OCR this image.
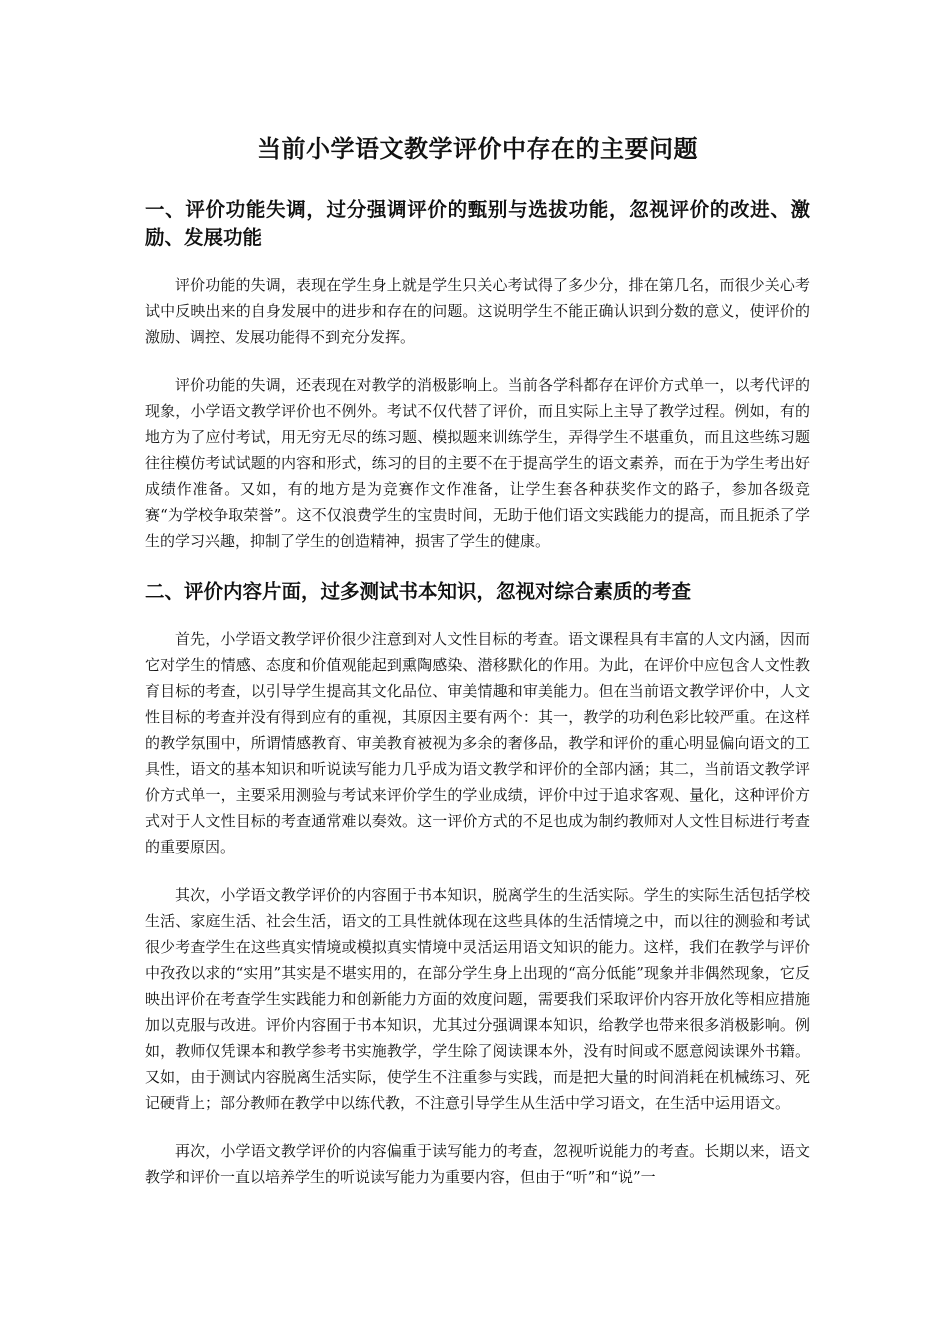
当前小学语文教学评价中存在的主要问题
一、评价功能失调，过分强调评价的甄别与选拔功能，忽视评价的改进、激励、发展功能

评价功能的失调，表现在学生身上就是学生只关心考试得了多少分，排在第几名，而很少关心考试中反映出来的自身发展中的进步和存在的问题。这说明学生不能正确认识到分数的意义，使评价的激励、调控、发展功能得不到充分发挥。

评价功能的失调，还表现在对教学的消极影响上。当前各学科都存在评价方式单一，以考代评的现象，小学语文教学评价也不例外。考试不仅代替了评价，而且实际上主导了教学过程。例如，有的地方为了应付考试，用无穷无尽的练习题、模拟题来训练学生，弄得学生不堪重负，而且这些练习题往往模仿考试试题的内容和形式，练习的目的主要不在于提高学生的语文素养，而在于为学生考出好成绩作准备。又如，有的地方是为竞赛作文作准备，让学生套各种获奖作文的路子，参加各级竞赛“为学校争取荣誉”。这不仅浪费学生的宝贵时间，无助于他们语文实践能力的提高，而且扼杀了学生的学习兴趣，抑制了学生的创造精神，损害了学生的健康。

二、评价内容片面，过多测试书本知识，忽视对综合素质的考查

首先，小学语文教学评价很少注意到对人文性目标的考查。语文课程具有丰富的人文内涵，因而它对学生的情感、态度和价值观能起到熏陶感染、潜移默化的作用。为此，在评价中应包含人文性教育目标的考查，以引导学生提高其文化品位、审美情趣和审美能力。但在当前语文教学评价中，人文性目标的考查并没有得到应有的重视，其原因主要有两个：其一，教学的功利色彩比较严重。在这样的教学氛围中，所谓情感教育、审美教育被视为多余的奢侈品，教学和评价的重心明显偏向语文的工具性，语文的基本知识和听说读写能力几乎成为语文教学和评价的全部内涵；其二，当前语文教学评价方式单一，主要采用测验与考试来评价学生的学业成绩，评价中过于追求客观、量化，这种评价方式对于人文性目标的考查通常难以奏效。这一评价方式的不足也成为制约教师对人文性目标进行考查的重要原因。

其次，小学语文教学评价的内容囿于书本知识，脱离学生的生活实际。学生的实际生活包括学校生活、家庭生活、社会生活，语文的工具性就体现在这些具体的生活情境之中，而以往的测验和考试很少考查学生在这些真实情境或模拟真实情境中灵活运用语文知识的能力。这样，我们在教学与评价中孜孜以求的“实用”其实是不堪实用的，在部分学生身上出现的“高分低能”现象并非偶然现象，它反映出评价在考查学生实践能力和创新能力方面的效度问题，需要我们采取评价内容开放化等相应措施加以克服与改进。评价内容囿于书本知识，尤其过分强调课本知识，给教学也带来很多消极影响。例如，教师仅凭课本和教学参考书实施教学，学生除了阅读课本外，没有时间或不愿意阅读课外书籍。又如，由于测试内容脱离生活实际，使学生不注重参与实践，而是把大量的时间消耗在机械练习、死记硬背上；部分教师在教学中以练代教，不注意引导学生从生活中学习语文，在生活中运用语文。

再次，小学语文教学评价的内容偏重于读写能力的考查，忽视听说能力的考查。长期以来，语文教学和评价一直以培养学生的听说读写能力为重要内容，但由于“听”和“说”一
